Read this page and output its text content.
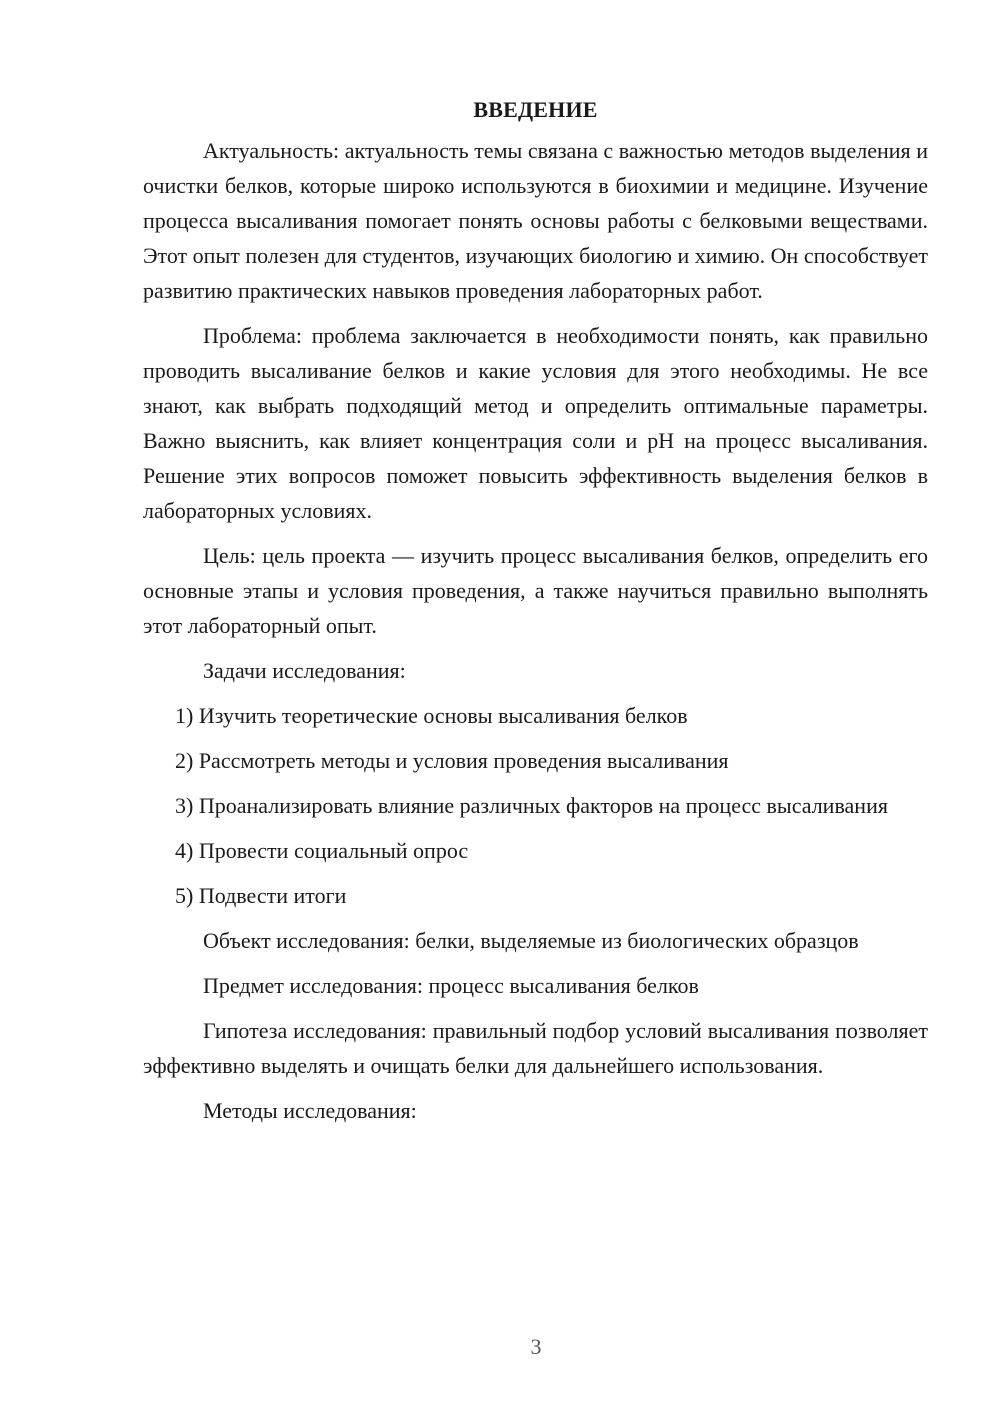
ВВЕДЕНИЕ

Актуальность: актуальность темы связана с важностью методов выделения и очистки белков, которые широко используются в биохимии и медицине. Изучение процесса высаливания помогает понять основы работы с белковыми веществами. Этот опыт полезен для студентов, изучающих биологию и химию. Он способствует развитию практических навыков проведения лабораторных работ.

Проблема: проблема заключается в необходимости понять, как правильно проводить высаливание белков и какие условия для этого необходимы. Не все знают, как выбрать подходящий метод и определить оптимальные параметры. Важно выяснить, как влияет концентрация соли и pH на процесс высаливания. Решение этих вопросов поможет повысить эффективность выделения белков в лабораторных условиях.

Цель: цель проекта — изучить процесс высаливания белков, определить его основные этапы и условия проведения, а также научиться правильно выполнять этот лабораторный опыт.

Задачи исследования:

1) Изучить теоретические основы высаливания белков

2) Рассмотреть методы и условия проведения высаливания

3) Проанализировать влияние различных факторов на процесс высаливания

4) Провести социальный опрос

5) Подвести итоги

Объект исследования: белки, выделяемые из биологических образцов

Предмет исследования: процесс высаливания белков

Гипотеза исследования: правильный подбор условий высаливания позволяет эффективно выделять и очищать белки для дальнейшего использования.

Методы исследования:

3
